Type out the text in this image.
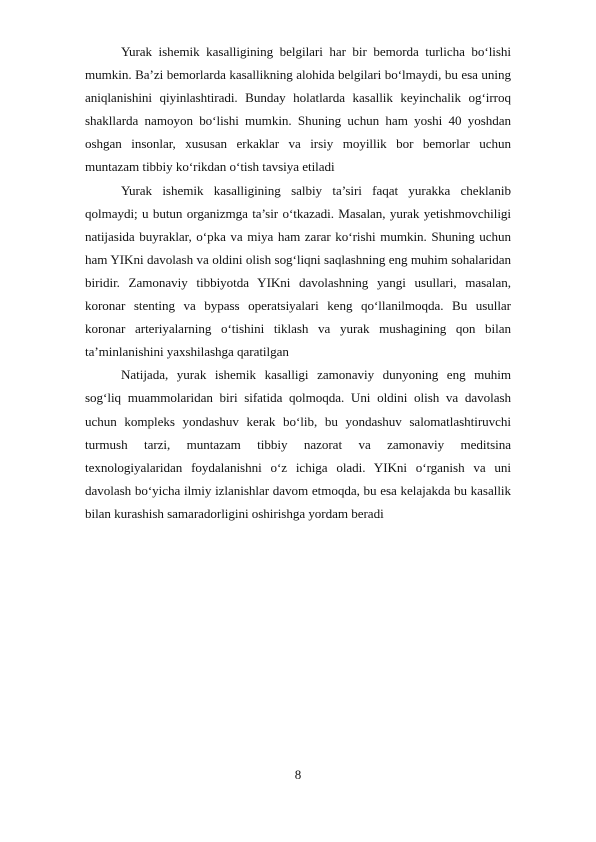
Yurak ishemik kasalligining belgilari har bir bemorda turlicha bo‘lishi mumkin. Ba’zi bemorlarda kasallikning alohida belgilari bo‘lmaydi, bu esa uning aniqlanishini qiyinlashtiradi. Bunday holatlarda kasallik keyinchalik og‘irroq shakllarda namoyon bo‘lishi mumkin. Shuning uchun ham yoshi 40 yoshdan oshgan insonlar, xususan erkaklar va irsiy moyillik bor bemorlar uchun muntazam tibbiy ko‘rikdan o‘tish tavsiya etiladi

Yurak ishemik kasalligining salbiy ta’siri faqat yurakka cheklanib qolmaydi; u butun organizmga ta’sir o‘tkazadi. Masalan, yurak yetishmovchiligi natijasida buyraklar, o‘pka va miya ham zarar ko‘rishi mumkin. Shuning uchun ham YIKni davolash va oldini olish sog‘liqni saqlashning eng muhim sohalaridan biridir. Zamonaviy tibbiyotda YIKni davolashning yangi usullari, masalan, koronar stenting va bypass operatsiyalari keng qo‘llanilmoqda. Bu usullar koronar arteriyalarning o‘tishini tiklash va yurak mushagining qon bilan ta’minlanishini yaxshilashga qaratilgan

Natijada, yurak ishemik kasalligi zamonaviy dunyoning eng muhim sog‘liq muammolaridan biri sifatida qolmoqda. Uni oldini olish va davolash uchun kompleks yondashuv kerak bo‘lib, bu yondashuv salomatlashtiruvchi turmush tarzi, muntazam tibbiy nazorat va zamonaviy meditsina texnologiyalaridan foydalanishni o‘z ichiga oladi. YIKni o‘rganish va uni davolash bo‘yicha ilmiy izlanishlar davom etmoqda, bu esa kelajakda bu kasallik bilan kurashish samaradorligini oshirishga yordam beradi

8
